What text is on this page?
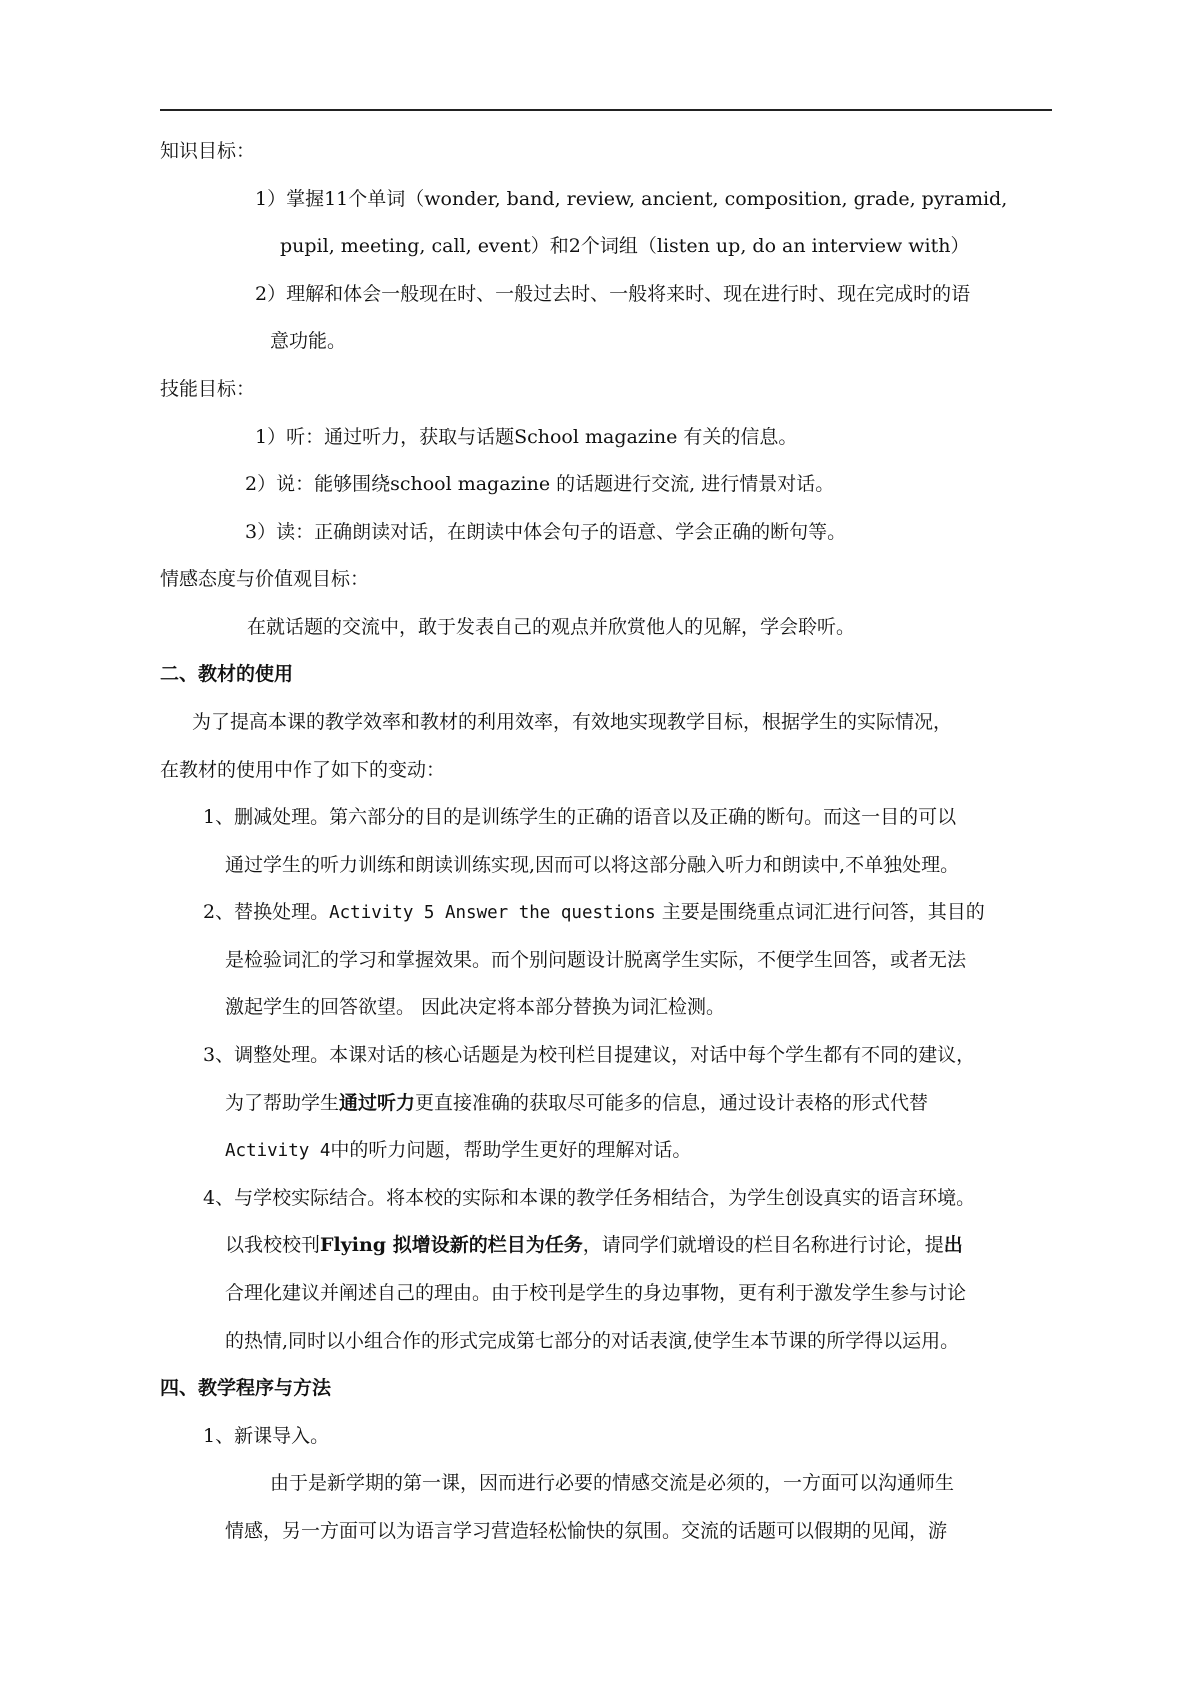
知识目标：
1）掌握11个单词（wonder, band, review, ancient, composition, grade, pyramid,
pupil, meeting, call, event）和2个词组（listen up, do an interview with）
2）理解和体会一般现在时、一般过去时、一般将来时、现在进行时、现在完成时的语
意功能。
技能目标：
1）听：通过听力，获取与话题School magazine 有关的信息。
2）说：能够围绕school magazine 的话题进行交流, 进行情景对话。
3）读：正确朗读对话，在朗读中体会句子的语意、学会正确的断句等。
情感态度与价值观目标：
在就话题的交流中，敢于发表自己的观点并欣赏他人的见解，学会聆听。
二、教材的使用
为了提高本课的教学效率和教材的利用效率，有效地实现教学目标，根据学生的实际情况，
在教材的使用中作了如下的变动：
1、删减处理。第六部分的目的是训练学生的正确的语音以及正确的断句。而这一目的可以
通过学生的听力训练和朗读训练实现,因而可以将这部分融入听力和朗读中,不单独处理。
2、替换处理。Activity 5 Answer the questions 主要是围绕重点词汇进行问答，其目的
是检验词汇的学习和掌握效果。而个别问题设计脱离学生实际，不便学生回答，或者无法
激起学生的回答欲望。 因此决定将本部分替换为词汇检测。
3、调整处理。本课对话的核心话题是为校刊栏目提建议，对话中每个学生都有不同的建议，
为了帮助学生通过听力更直接准确的获取尽可能多的信息，通过设计表格的形式代替
Activity 4中的听力问题，帮助学生更好的理解对话。
4、与学校实际结合。将本校的实际和本课的教学任务相结合，为学生创设真实的语言环境。
以我校校刊Flying 拟增设新的栏目为任务，请同学们就增设的栏目名称进行讨论，提出
合理化建议并阐述自己的理由。由于校刊是学生的身边事物，更有利于激发学生参与讨论
的热情,同时以小组合作的形式完成第七部分的对话表演,使学生本节课的所学得以运用。
四、教学程序与方法
1、新课导入。
由于是新学期的第一课，因而进行必要的情感交流是必须的，一方面可以沟通师生
情感，另一方面可以为语言学习营造轻松愉快的氛围。交流的话题可以假期的见闻，游
